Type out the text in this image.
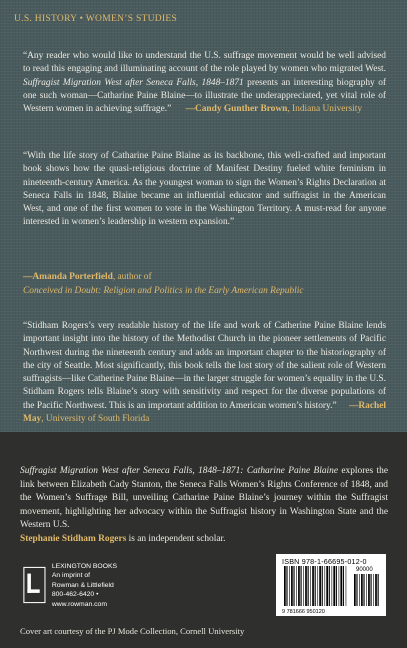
U.S. HISTORY • WOMEN’S STUDIES

“Any reader who would like to understand the U.S. suffrage movement would be well advised to read this engaging and illuminating account of the role played by women who migrated West. Suffragist Migration West after Seneca Falls, 1848–1871 presents an interesting biography of one such woman—Catharine Paine Blaine—to illustrate the underappreciated, yet vital role of Western women in achieving suffrage.” —Candy Gunther Brown, Indiana University

“With the life story of Catharine Paine Blaine as its backbone, this well-crafted and important book shows how the quasi-religious doctrine of Manifest Destiny fueled white feminism in nineteenth-century America. As the youngest woman to sign the Women’s Rights Declaration at Seneca Falls in 1848, Blaine became an influential educator and suffragist in the American West, and one of the first women to vote in the Washington Territory. A must-read for anyone interested in women’s leadership in western expansion.”

—Amanda Porterfield, author of
Conceived in Doubt: Religion and Politics in the Early American Republic

“Stidham Rogers’s very readable history of the life and work of Catherine Paine Blaine lends important insight into the history of the Methodist Church in the pioneer settlements of Pacific Northwest during the nineteenth century and adds an important chapter to the historiography of the city of Seattle. Most significantly, this book tells the lost story of the salient role of Western suffragists—like Catherine Paine Blaine—in the larger struggle for women’s equality in the U.S. Stidham Rogers tells Blaine’s story with sensitivity and respect for the diverse populations of the Pacific Northwest. This is an important addition to American women’s history.” —Rachel May, University of South Florida

Suffragist Migration West after Seneca Falls, 1848–1871: Catharine Paine Blaine explores the link between Elizabeth Cady Stanton, the Seneca Falls Women’s Rights Conference of 1848, and the Women’s Suffrage Bill, unveiling Catharine Paine Blaine’s journey within the Suffragist movement, highlighting her advocacy within the Suffragist history in Washington State and the Western U.S.

Stephanie Stidham Rogers is an independent scholar.

LEXINGTON BOOKS
An imprint of
Rowman & Littlefield
800-462-6420 • www.rowman.com
ISBN 978-1-66695-012-0
90000
9 781666 950120

Cover art courtesy of the PJ Mode Collection, Cornell University
